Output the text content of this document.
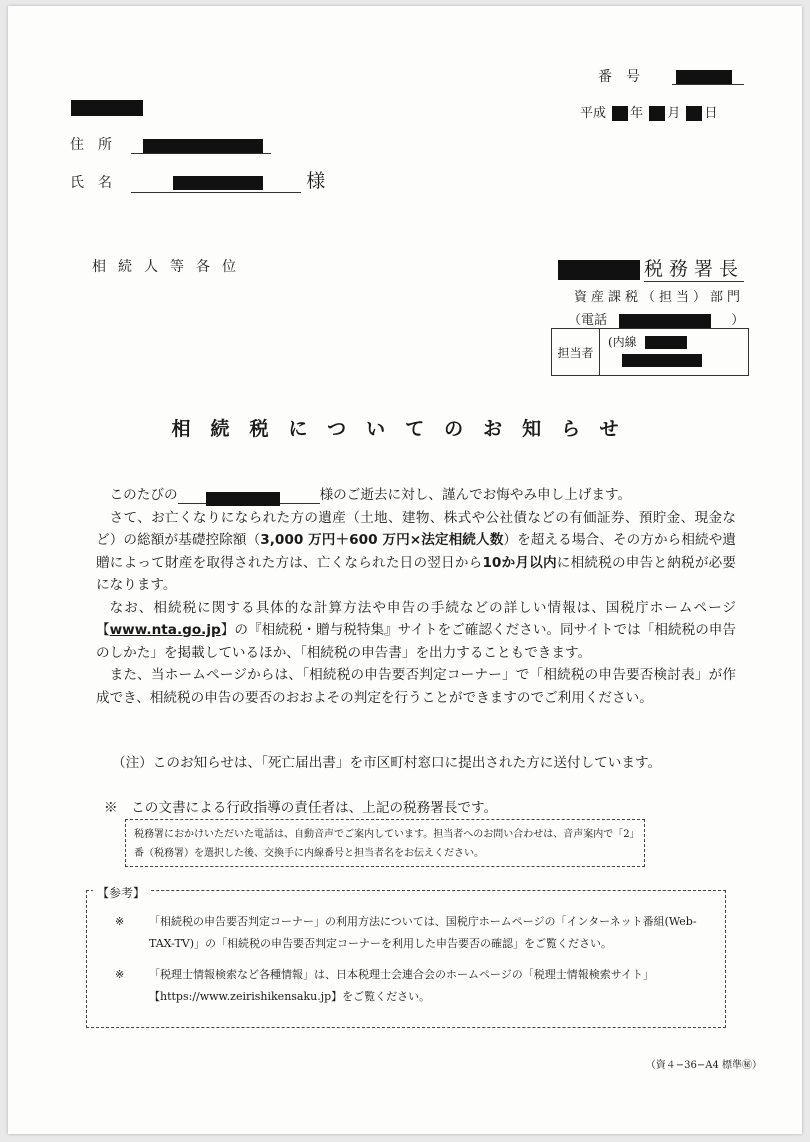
番号
平成 年 月 日
住所
氏名	様
相続人等各位	税務署長
資産課税（担当）部門
（電話	）
担当者
(内線
相続税についてのお知らせ

このたびの	様のご逝去に対し、謹んでお悔やみ申し上げます。

さて、お亡くなりになられた方の遺産（土地、建物、株式や公社債などの有価証券、預貯金、現金など）の総額が基礎控除額（3,000 万円＋600 万円×法定相続人数）を超える場合、その方から相続や遺贈によって財産を取得された方は、亡くなられた日の翌日から10か月以内に相続税の申告と納税が必要になります。

なお、相続税に関する具体的な計算方法や申告の手続などの詳しい情報は、国税庁ホームページ【www.nta.go.jp】の『相続税・贈与税特集』サイトをご確認ください。同サイトでは「相続税の申告のしかた」を掲載しているほか、「相続税の申告書」を出力することもできます。

また、当ホームページからは、「相続税の申告要否判定コーナー」で「相続税の申告要否検討表」が作成でき、相続税の申告の要否のおおよその判定を行うことができますのでご利用ください。

（注）このお知らせは、「死亡届出書」を市区町村窓口に提出された方に送付しています。
※　この文書による行政指導の責任者は、上記の税務署長です。
税務署におかけいただいた電話は、自動音声でご案内しています。担当者へのお問い合わせは、音声案内で「2」番（税務署）を選択した後、交換手に内線番号と担当者名をお伝えください。
【参考】
※ 「相続税の申告要否判定コーナー」の利用方法については、国税庁ホームページの「インターネット番組(Web-TAX-TV)」の「相続税の申告要否判定コーナーを利用した申告要否の確認」をご覧ください。
※ 「税理士情報検索など各種情報」は、日本税理士会連合会のホームページの「税理士情報検索サイト」【https://www.zeirishikensaku.jp】をご覧ください。
（資４−36−A4 標準㊙）
